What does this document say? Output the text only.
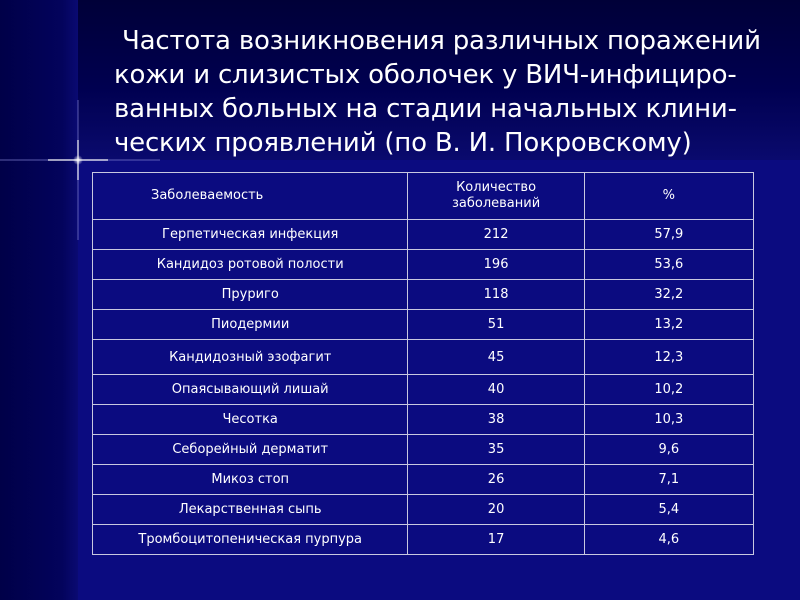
Частота возникновения различных поражений кожи и слизистых оболочек у ВИЧ-инфициро-ванных больных на стадии начальных клини-ческих проявлений (по В. И. Покровскому)
Заболеваемость	Количество заболеваний	%
Герпетическая инфекция	212	57,9
Кандидоз ротовой полости	196	53,6
Пруриго	118	32,2
Пиодермии	51	13,2
Кандидозный эзофагит	45	12,3
Опаясывающий лишай	40	10,2
Чесотка	38	10,3
Себорейный дерматит	35	9,6
Микоз стоп	26	7,1
Лекарственная сыпь	20	5,4
Тромбоцитопеническая пурпура	17	4,6
